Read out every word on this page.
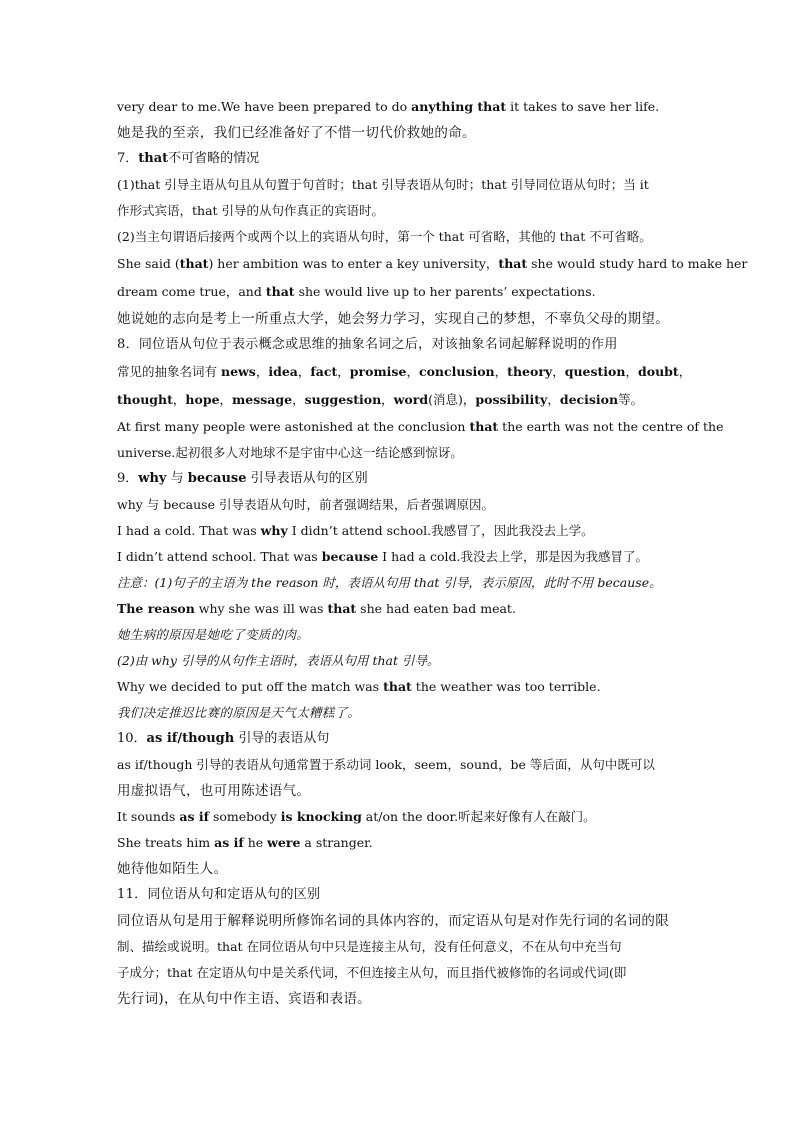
very dear to me.We have been prepared to do anything that it takes to save her life.
她是我的至亲，我们已经准备好了不惜一切代价救她的命。
7．that不可省略的情况
(1)that 引导主语从句且从句置于句首时；that 引导表语从句时；that 引导同位语从句时；当 it
作形式宾语，that 引导的从句作真正的宾语时。
(2)当主句谓语后接两个或两个以上的宾语从句时，第一个 that 可省略，其他的 that 不可省略。
She said (that) her ambition was to enter a key university，that she would study hard to make her
dream come true，and that she would live up to her parents’ expectations.
她说她的志向是考上一所重点大学，她会努力学习，实现自己的梦想，不辜负父母的期望。
8．同位语从句位于表示概念或思维的抽象名词之后，对该抽象名词起解释说明的作用
常见的抽象名词有 news，idea，fact，promise，conclusion，theory，question，doubt，
thought，hope，message，suggestion，word(消息)，possibility，decision等。
At first many people were astonished at the conclusion that the earth was not the centre of the
universe.起初很多人对地球不是宇宙中心这一结论感到惊讶。
9．why 与 because 引导表语从句的区别
why 与 because 引导表语从句时，前者强调结果，后者强调原因。
I had a cold. That was why I didn’t attend school.我感冒了，因此我没去上学。
I didn’t attend school. That was because I had a cold.我没去上学，那是因为我感冒了。
注意：(1)句子的主语为 the reason 时，表语从句用 that 引导，表示原因，此时不用 because。
The reason why she was ill was that she had eaten bad meat.
她生病的原因是她吃了变质的肉。
(2)由 why 引导的从句作主语时，表语从句用 that 引导。
Why we decided to put off the match was that the weather was too terrible.
我们决定推迟比赛的原因是天气太糟糕了。
10．as if/though 引导的表语从句
as if/though 引导的表语从句通常置于系动词 look，seem，sound，be 等后面，从句中既可以
用虚拟语气，也可用陈述语气。
It sounds as if somebody is knocking at/on the door.听起来好像有人在敲门。
She treats him as if he were a stranger.
她待他如陌生人。
11．同位语从句和定语从句的区别
同位语从句是用于解释说明所修饰名词的具体内容的，而定语从句是对作先行词的名词的限
制、描绘或说明。that 在同位语从句中只是连接主从句，没有任何意义，不在从句中充当句
子成分；that 在定语从句中是关系代词，不但连接主从句，而且指代被修饰的名词或代词(即
先行词)，在从句中作主语、宾语和表语。
